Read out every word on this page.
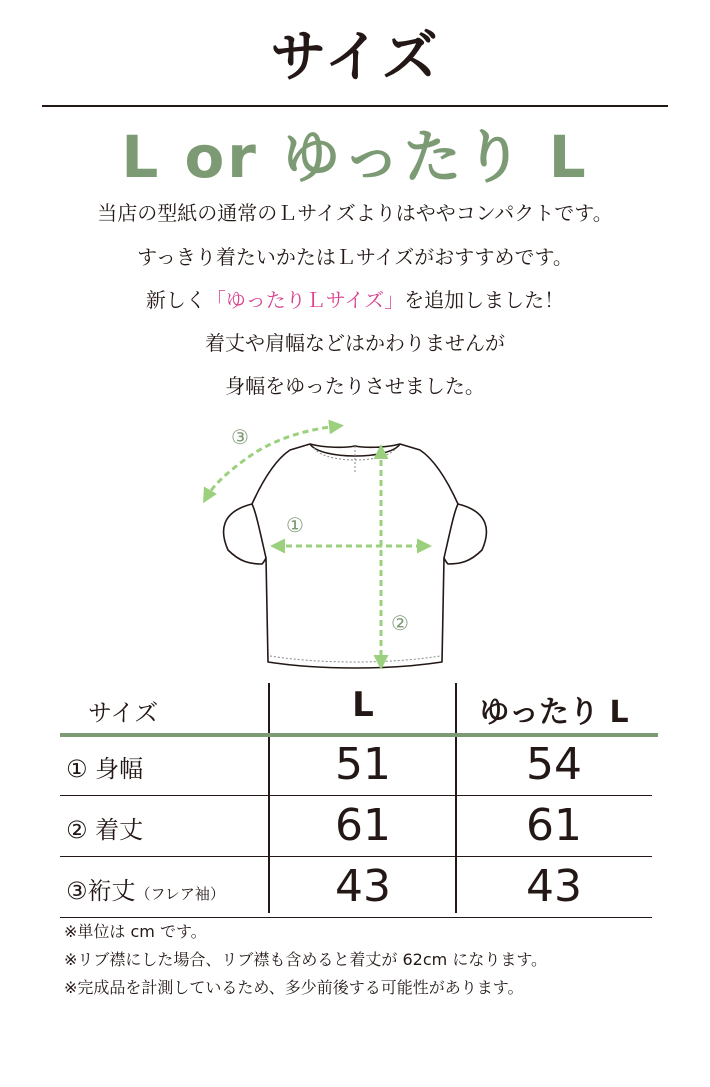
サイズ
L or ゆったり L
当店の型紙の通常のＬサイズよりはややコンパクトです。
すっきり着たいかたはＬサイズがおすすめです。
新しく「ゆったりＬサイズ」を追加しました！
着丈や肩幅などはかわりませんが
身幅をゆったりさせました。
①
②
③
サイズ	L	ゆったり L
① 身幅	51	54
② 着丈	61	61
③裄丈（フレア袖）	43	43
※単位は cm です。
※リブ襟にした場合、リブ襟も含めると着丈が 62cm になります。
※完成品を計測しているため、多少前後する可能性があります。
